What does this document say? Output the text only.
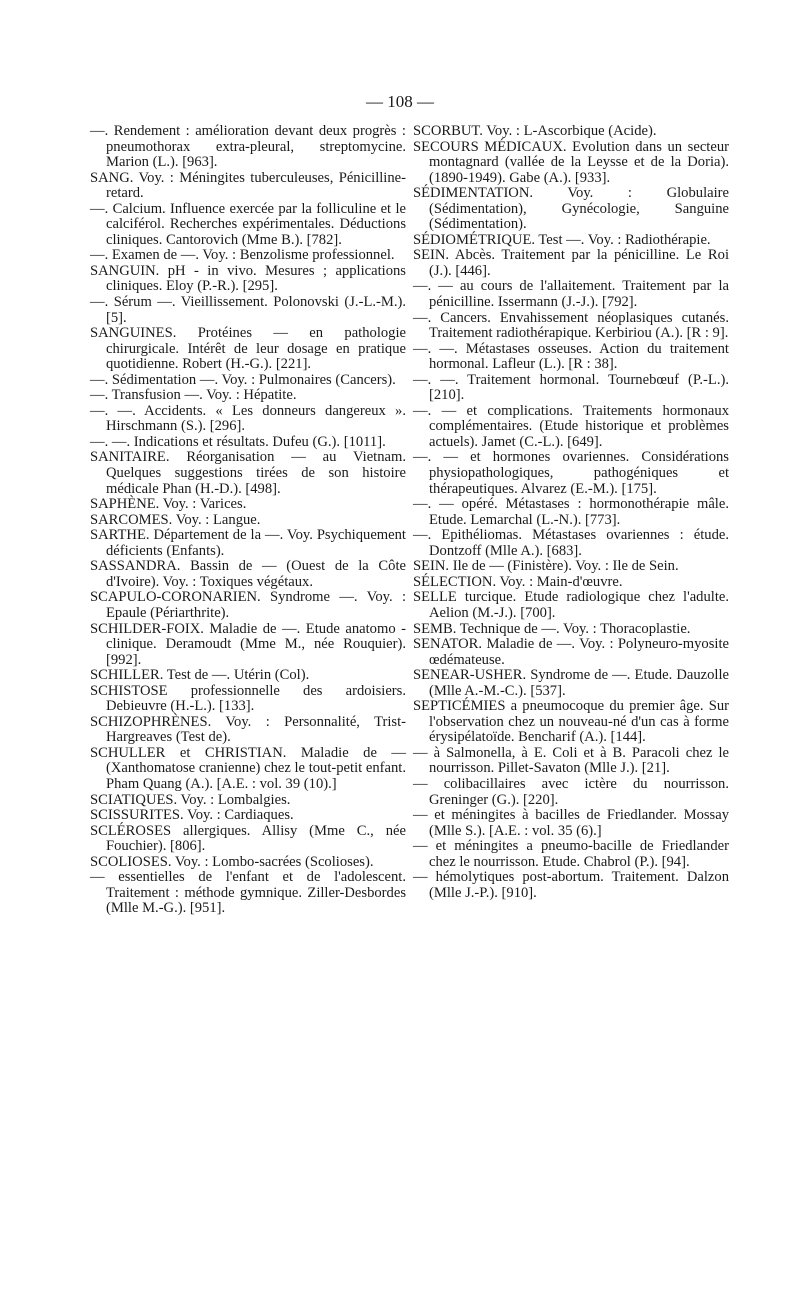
— 108 —

—. Rendement : amélioration devant deux progrès : pneumothorax extra-pleural, streptomycine. Marion (L.). [963].

SANG. Voy. : Méningites tuberculeuses, Pénicilline-retard.

—. Calcium. Influence exercée par la folliculine et le calciférol. Recherches expérimentales. Déductions cliniques. Cantorovich (Mme B.). [782].

—. Examen de —. Voy. : Benzolisme professionnel.

SANGUIN. pH - in vivo. Mesures ; applications cliniques. Eloy (P.-R.). [295].

—. Sérum —. Vieillissement. Polonovski (J.-L.-M.). [5].

SANGUINES. Protéines — en pathologie chirurgicale. Intérêt de leur dosage en pratique quotidienne. Robert (H.-G.). [221].

—. Sédimentation —. Voy. : Pulmonaires (Cancers).

—. Transfusion —. Voy. : Hépatite.

—. —. Accidents. « Les donneurs dangereux ». Hirschmann (S.). [296].

—. —. Indications et résultats. Dufeu (G.). [1011].

SANITAIRE. Réorganisation — au Vietnam. Quelques suggestions tirées de son histoire médicale Phan (H.-D.). [498].

SAPHÈNE. Voy. : Varices.

SARCOMES. Voy. : Langue.

SARTHE. Département de la —. Voy. Psychiquement déficients (Enfants).

SASSANDRA. Bassin de — (Ouest de la Côte d'Ivoire). Voy. : Toxiques végétaux.

SCAPULO-CORONARIEN. Syndrome —. Voy. : Epaule (Périarthrite).

SCHILDER-FOIX. Maladie de —. Etude anatomo - clinique. Deramoudt (Mme M., née Rouquier). [992].

SCHILLER. Test de —. Utérin (Col).

SCHISTOSE professionnelle des ardoisiers. Debieuvre (H.-L.). [133].

SCHIZOPHRÈNES. Voy. : Personnalité, Trist-Hargreaves (Test de).

SCHULLER et CHRISTIAN. Maladie de — (Xanthomatose cranienne) chez le tout-petit enfant. Pham Quang (A.). [A.E. : vol. 39 (10).]

SCIATIQUES. Voy. : Lombalgies.

SCISSURITES. Voy. : Cardiaques.

SCLÉROSES allergiques. Allisy (Mme C., née Fouchier). [806].

SCOLIOSES. Voy. : Lombo-sacrées (Scolioses).

— essentielles de l'enfant et de l'adolescent. Traitement : méthode gymnique. Ziller-Desbordes (Mlle M.-G.). [951].

SCORBUT. Voy. : L-Ascorbique (Acide).

SECOURS MÉDICAUX. Evolution dans un secteur montagnard (vallée de la Leysse et de la Doria). (1890-1949). Gabe (A.). [933].

SÉDIMENTATION. Voy. : Globulaire (Sédimentation), Gynécologie, Sanguine (Sédimentation).

SÉDIOMÉTRIQUE. Test —. Voy. : Radiothérapie.

SEIN. Abcès. Traitement par la pénicilline. Le Roi (J.). [446].

—. — au cours de l'allaitement. Traitement par la pénicilline. Issermann (J.-J.). [792].

—. Cancers. Envahissement néoplasiques cutanés. Traitement radiothérapique. Kerbiriou (A.). [R : 9].

—. —. Métastases osseuses. Action du traitement hormonal. Lafleur (L.). [R : 38].

—. —. Traitement hormonal. Tournebœuf (P.-L.). [210].

—. — et complications. Traitements hormonaux complémentaires. (Etude historique et problèmes actuels). Jamet (C.-L.). [649].

—. — et hormones ovariennes. Considérations physiopathologiques, pathogéniques et thérapeutiques. Alvarez (E.-M.). [175].

—. — opéré. Métastases : hormonothérapie mâle. Etude. Lemarchal (L.-N.). [773].

—. Epithéliomas. Métastases ovariennes : étude. Dontzoff (Mlle A.). [683].

SEIN. Ile de — (Finistère). Voy. : Ile de Sein.

SÉLECTION. Voy. : Main-d'œuvre.

SELLE turcique. Etude radiologique chez l'adulte. Aelion (M.-J.). [700].

SEMB. Technique de —. Voy. : Thoracoplastie.

SENATOR. Maladie de —. Voy. : Polyneuro-myosite œdémateuse.

SENEAR-USHER. Syndrome de —. Etude. Dauzolle (Mlle A.-M.-C.). [537].

SEPTICÉMIES a pneumocoque du premier âge. Sur l'observation chez un nouveau-né d'un cas à forme érysipélatoïde. Bencharif (A.). [144].

— à Salmonella, à E. Coli et à B. Paracoli chez le nourrisson. Pillet-Savaton (Mlle J.). [21].

— colibacillaires avec ictère du nourrisson. Greninger (G.). [220].

— et méningites à bacilles de Friedlander. Mossay (Mlle S.). [A.E. : vol. 35 (6).]

— et méningites a pneumo-bacille de Friedlander chez le nourrisson. Etude. Chabrol (P.). [94].

— hémolytiques post-abortum. Traitement. Dalzon (Mlle J.-P.). [910].
